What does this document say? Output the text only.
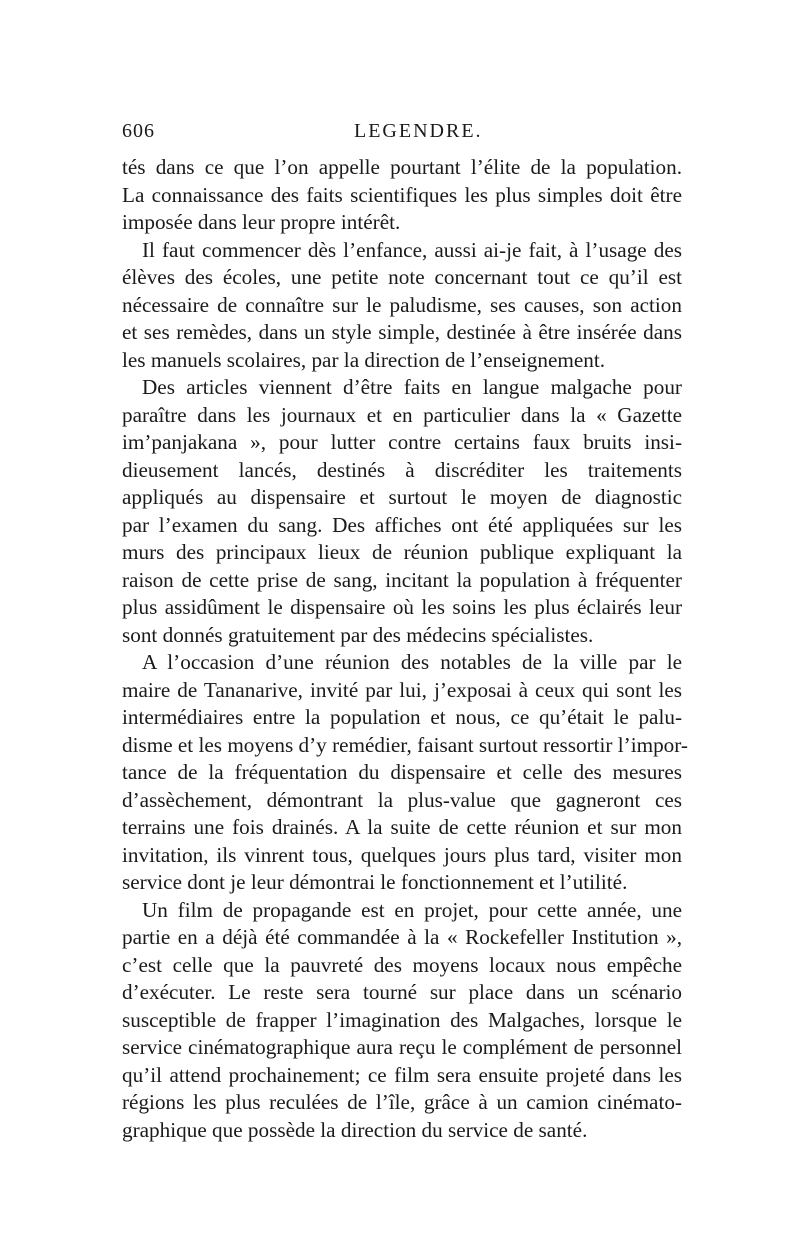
606	LEGENDRE.
tés dans ce que l’on appelle pourtant l’élite de la population.
La connaissance des faits scientifiques les plus simples doit être
imposée dans leur propre intérêt.
Il faut commencer dès l’enfance, aussi ai-je fait, à l’usage des
élèves des écoles, une petite note concernant tout ce qu’il est
nécessaire de connaître sur le paludisme, ses causes, son action
et ses remèdes, dans un style simple, destinée à être insérée dans
les manuels scolaires, par la direction de l’enseignement.
Des articles viennent d’être faits en langue malgache pour
paraître dans les journaux et en particulier dans la « Gazette
im’panjakana », pour lutter contre certains faux bruits insi-
dieusement lancés, destinés à discréditer les traitements
appliqués au dispensaire et surtout le moyen de diagnostic
par l’examen du sang. Des affiches ont été appliquées sur les
murs des principaux lieux de réunion publique expliquant la
raison de cette prise de sang, incitant la population à fréquenter
plus assidûment le dispensaire où les soins les plus éclairés leur
sont donnés gratuitement par des médecins spécialistes.
A l’occasion d’une réunion des notables de la ville par le
maire de Tananarive, invité par lui, j’exposai à ceux qui sont les
intermédiaires entre la population et nous, ce qu’était le palu-
disme et les moyens d’y remédier, faisant surtout ressortir l’impor-
tance de la fréquentation du dispensaire et celle des mesures
d’assèchement, démontrant la plus-value que gagneront ces
terrains une fois drainés. A la suite de cette réunion et sur mon
invitation, ils vinrent tous, quelques jours plus tard, visiter mon
service dont je leur démontrai le fonctionnement et l’utilité.
Un film de propagande est en projet, pour cette année, une
partie en a déjà été commandée à la « Rockefeller Institution »,
c’est celle que la pauvreté des moyens locaux nous empêche
d’exécuter. Le reste sera tourné sur place dans un scénario
susceptible de frapper l’imagination des Malgaches, lorsque le
service cinématographique aura reçu le complément de personnel
qu’il attend prochainement; ce film sera ensuite projeté dans les
régions les plus reculées de l’île, grâce à un camion cinémato-
graphique que possède la direction du service de santé.
